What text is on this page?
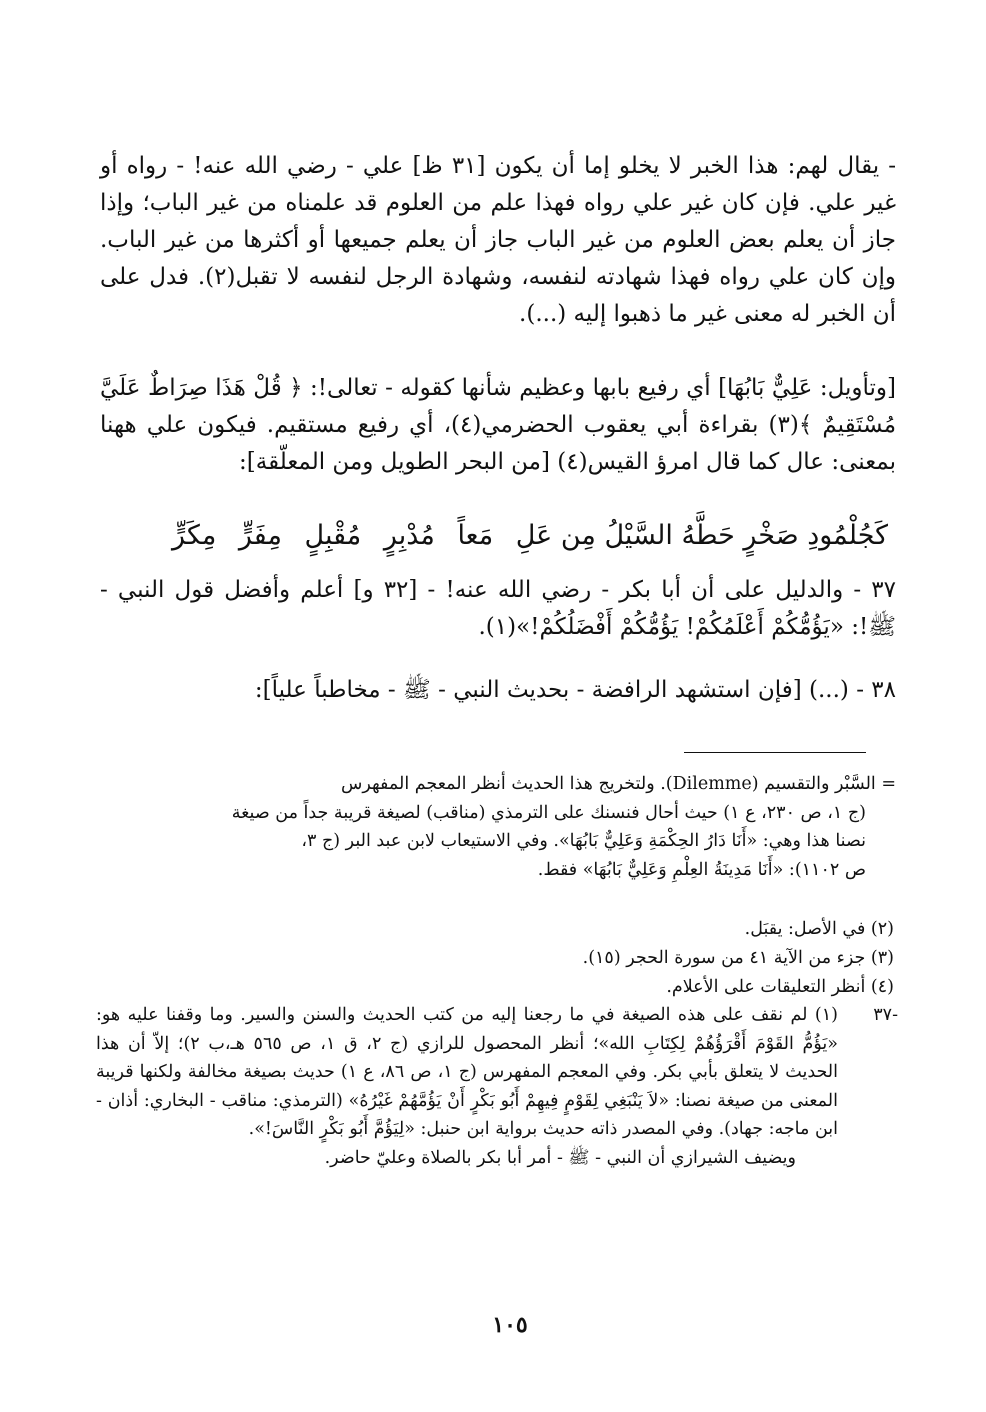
- يقال لهم: هذا الخبر لا يخلو إما أن يكون [٣١ ظ] علي - رضي الله عنه! - رواه أو غير علي. فإن كان غير علي رواه فهذا علم من العلوم قد علمناه من غير الباب؛ وإذا جاز أن يعلم بعض العلوم من غير الباب جاز أن يعلم جميعها أو أكثرها من غير الباب. وإن كان علي رواه فهذا شهادته لنفسه، وشهادة الرجل لنفسه لا تقبل(٢). فدل على أن الخبر له معنى غير ما ذهبوا إليه (...).

[وتأويل: عَلِيٌّ بَابُهَا] أي رفيع بابها وعظيم شأنها كقوله - تعالى!: ﴿ قُلْ هَذَا صِرَاطٌ عَلَيَّ مُسْتَقِيمٌ ﴾(٣) بقراءة أبي يعقوب الحضرمي(٤)، أي رفيع مستقيم. فيكون علي ههنا بمعنى: عال كما قال امرؤ القيس(٤) [من البحر الطويل ومن المعلّقة]:

مِكَرٍّ مِفَرٍّ مُقْبِلٍ مُدْبِرٍ مَعاً كَجُلْمُودِ صَخْرٍ حَطَّهُ السَّيْلُ مِن عَلِ

٣٧ - والدليل على أن أبا بكر - رضي الله عنه! - [٣٢ و] أعلم وأفضل قول النبي - ﷺ!: «يَؤُمُّكُمْ أَعْلَمُكُمْ! يَؤُمُّكُمْ أَفْضَلُكُمْ!»(١).

٣٨ - (...) [فإن استشهد الرافضة - بحديث النبي - ﷺ - مخاطباً علياً]:

= السَّبْر والتقسيم (Dilemme). ولتخريج هذا الحديث أنظر المعجم المفهرس
(ج ١، ص ٢٣٠، ع ١) حيث أحال فنسنك على الترمذي (مناقب) لصيغة قريبة جداً من صيغة
نصنا هذا وهي: «أَنَا دَارُ الحِكْمَةِ وَعَلِيٌّ بَابُهَا». وفي الاستيعاب لابن عبد البر (ج ٣،
ص ١١٠٢): «أَنَا مَدِينَةُ العِلْمِ وَعَلِيٌّ بَابُهَا» فقط.
(٢) في الأصل: يقبَل.
(٣) جزء من الآية ٤١ من سورة الحجر (١٥).
(٤) أنظر التعليقات على الأعلام.
-٣٧
(١) لم نقف على هذه الصيغة في ما رجعنا إليه من كتب الحديث والسنن والسير. وما وقفنا عليه هو: «يَؤُمُّ القَوْمَ أَقْرَؤُهُمْ لِكِتَابِ الله»؛ أنظر المحصول للرازي (ج ٢، ق ١، ص ٥٦٥ هـ،ب ٢)؛ إلاّ أن هذا الحديث لا يتعلق بأبي بكر. وفي المعجم المفهرس (ج ١، ص ٨٦، ع ١) حديث بصيغة مخالفة ولكنها قريبة المعنى من صيغة نصنا: «لاَ يَنْبَغِي لِقَوْمٍ فِيهِمْ أَبُو بَكْرٍ أَنْ يَؤُمَّهُمْ غَيْرُهُ» (الترمذي: مناقب - البخاري: أذان - ابن ماجه: جهاد). وفي المصدر ذاته حديث برواية ابن حنبل: «لِيَؤُمَّ أَبُو بَكْرٍ النَّاسَ!».
ويضيف الشيرازي أن النبي - ﷺ - أمر أبا بكر بالصلاة وعليّ حاضر.
١٠٥
